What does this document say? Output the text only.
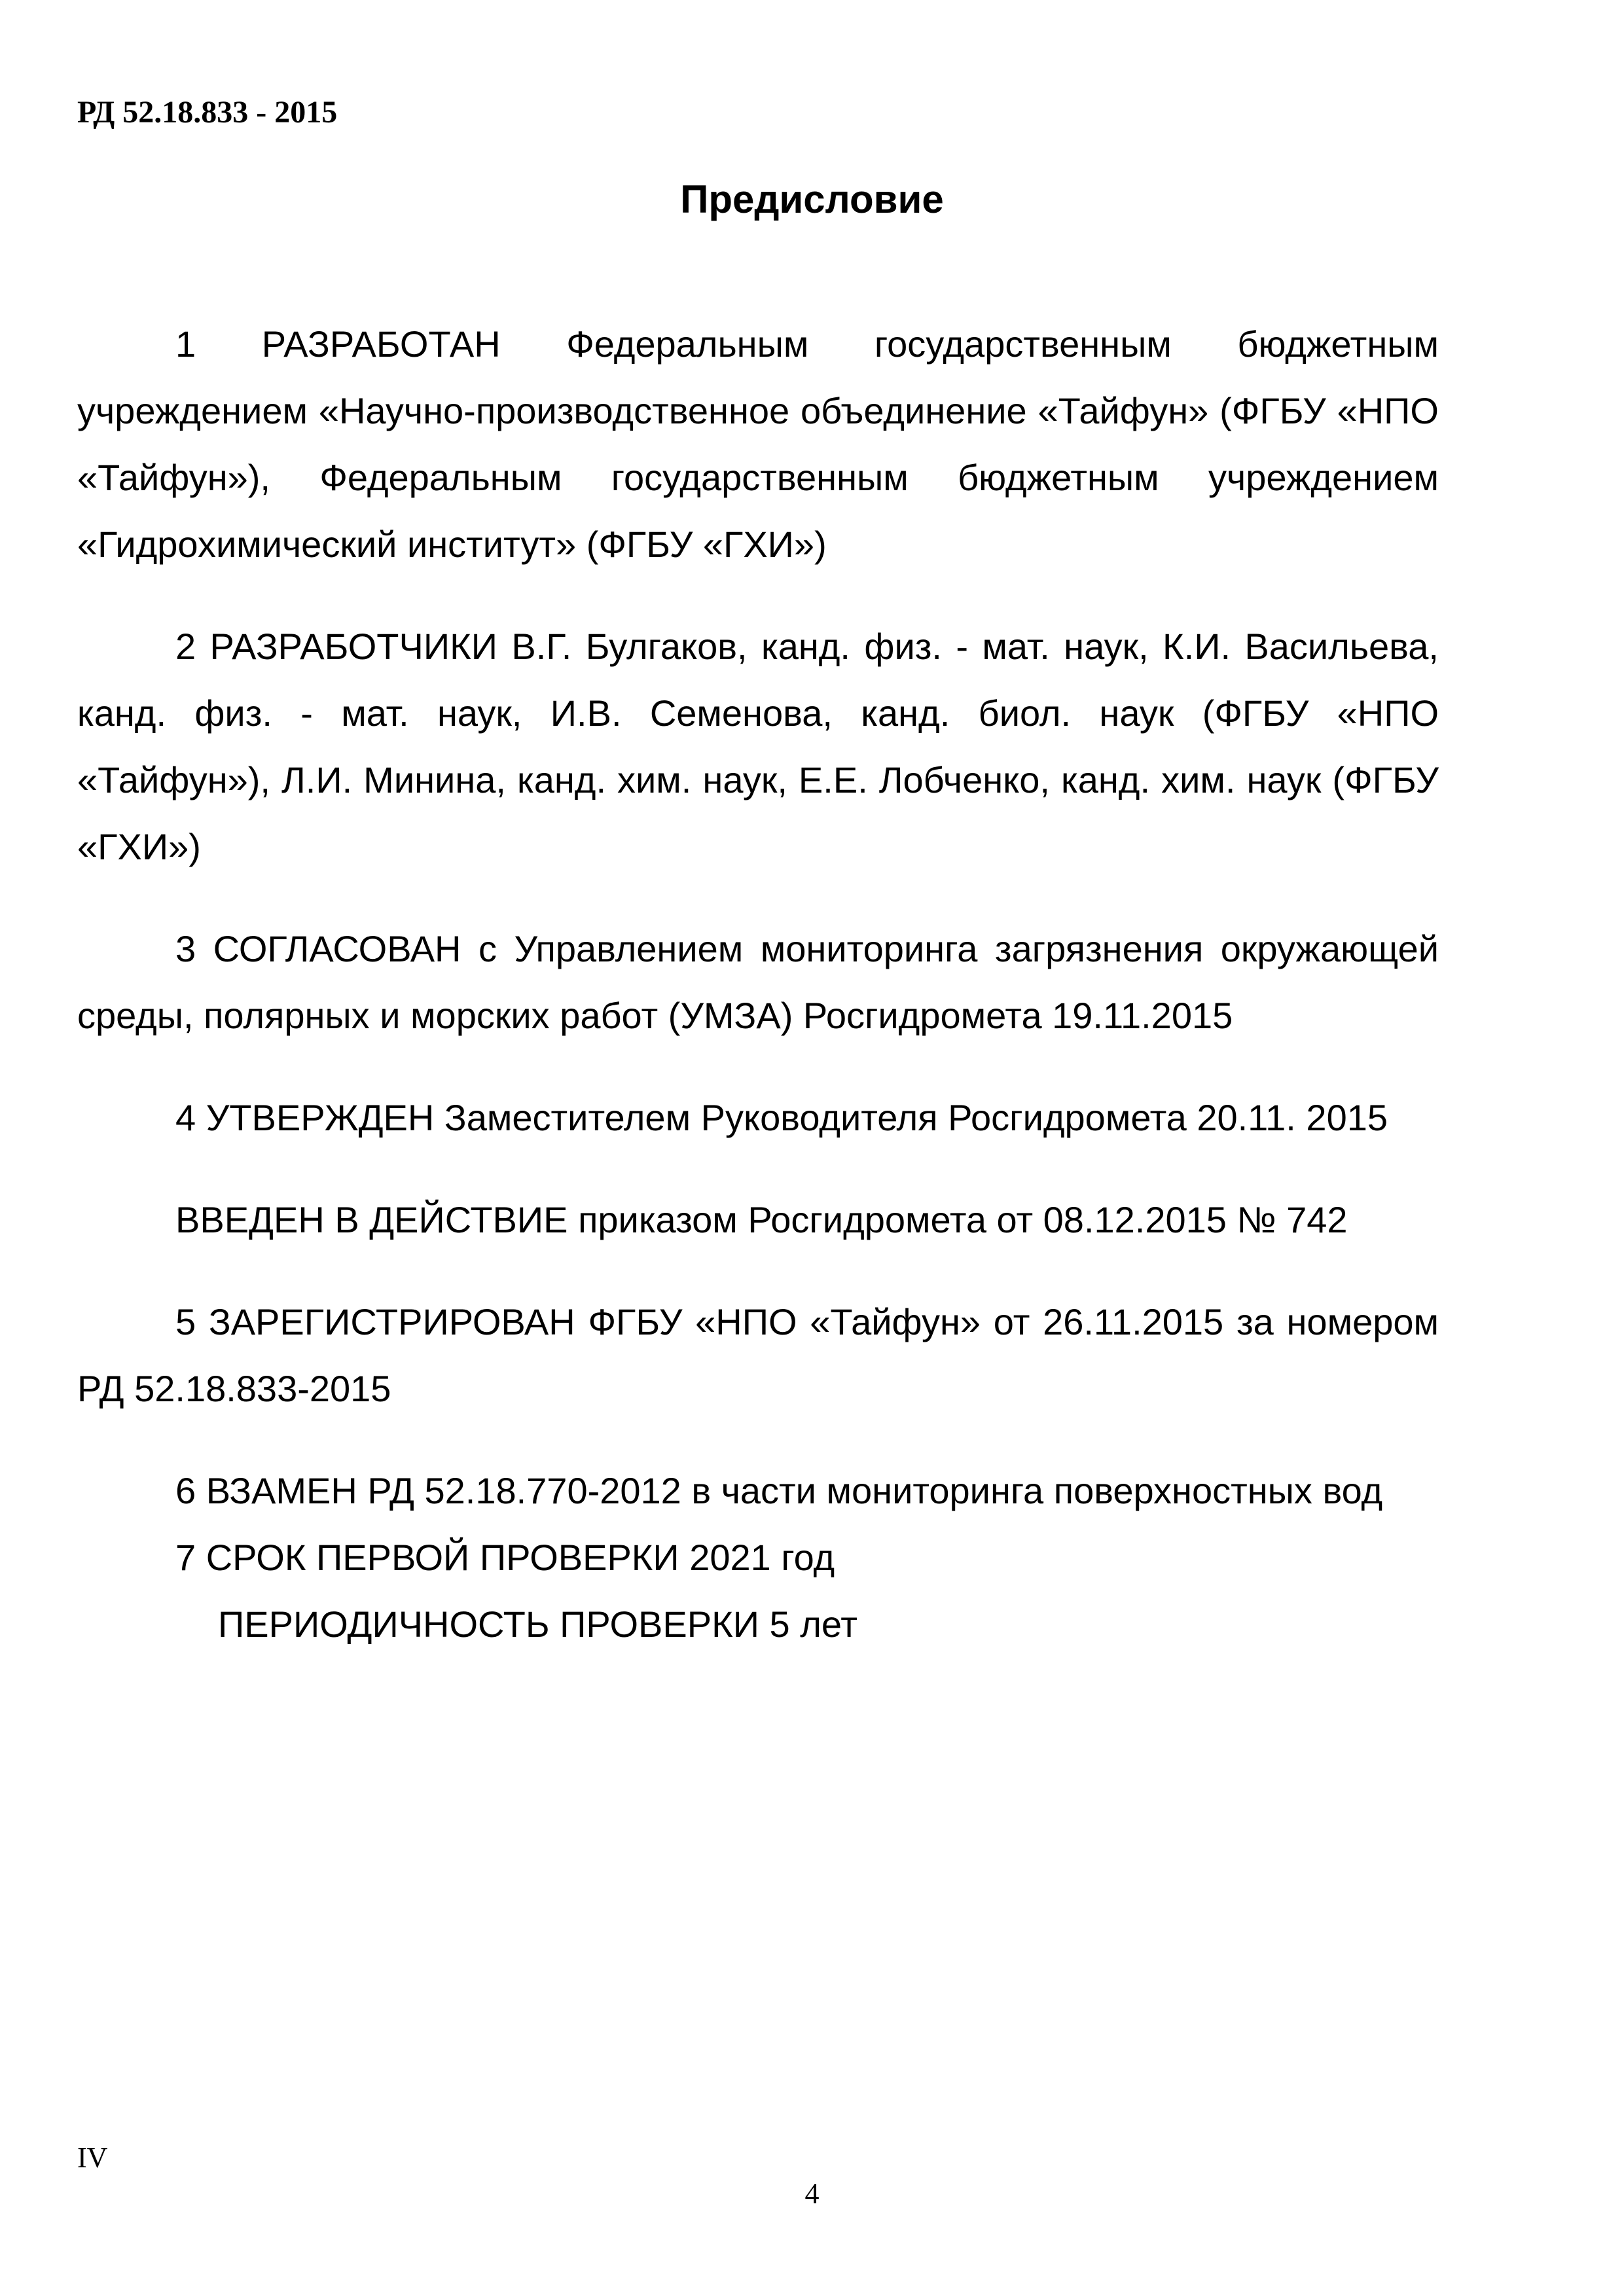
РД 52.18.833 - 2015
Предисловие

1 РАЗРАБОТАН Федеральным государственным бюджетным учреждением «Научно-производственное объединение «Тайфун» (ФГБУ «НПО «Тайфун»), Федеральным государственным бюджетным учреждением «Гидрохимический институт» (ФГБУ «ГХИ»)

2 РАЗРАБОТЧИКИ В.Г. Булгаков, канд. физ. - мат. наук, К.И. Васильева, канд. физ. - мат. наук, И.В. Семенова, канд. биол. наук (ФГБУ «НПО «Тайфун»), Л.И. Минина, канд. хим. наук, Е.Е. Лобченко, канд. хим. наук (ФГБУ «ГХИ»)

3 СОГЛАСОВАН с Управлением мониторинга загрязнения окружающей среды, полярных и морских работ (УМЗА) Росгидромета 19.11.2015

4 УТВЕРЖДЕН Заместителем Руководителя Росгидромета 20.11. 2015

ВВЕДЕН В ДЕЙСТВИЕ приказом Росгидромета от 08.12.2015 № 742

5 ЗАРЕГИСТРИРОВАН ФГБУ «НПО «Тайфун» от 26.11.2015 за номером РД 52.18.833-2015

6 ВЗАМЕН РД 52.18.770-2012 в части мониторинга поверхностных вод

7 СРОК ПЕРВОЙ ПРОВЕРКИ 2021 год
ПЕРИОДИЧНОСТЬ ПРОВЕРКИ 5 лет
IV
4
